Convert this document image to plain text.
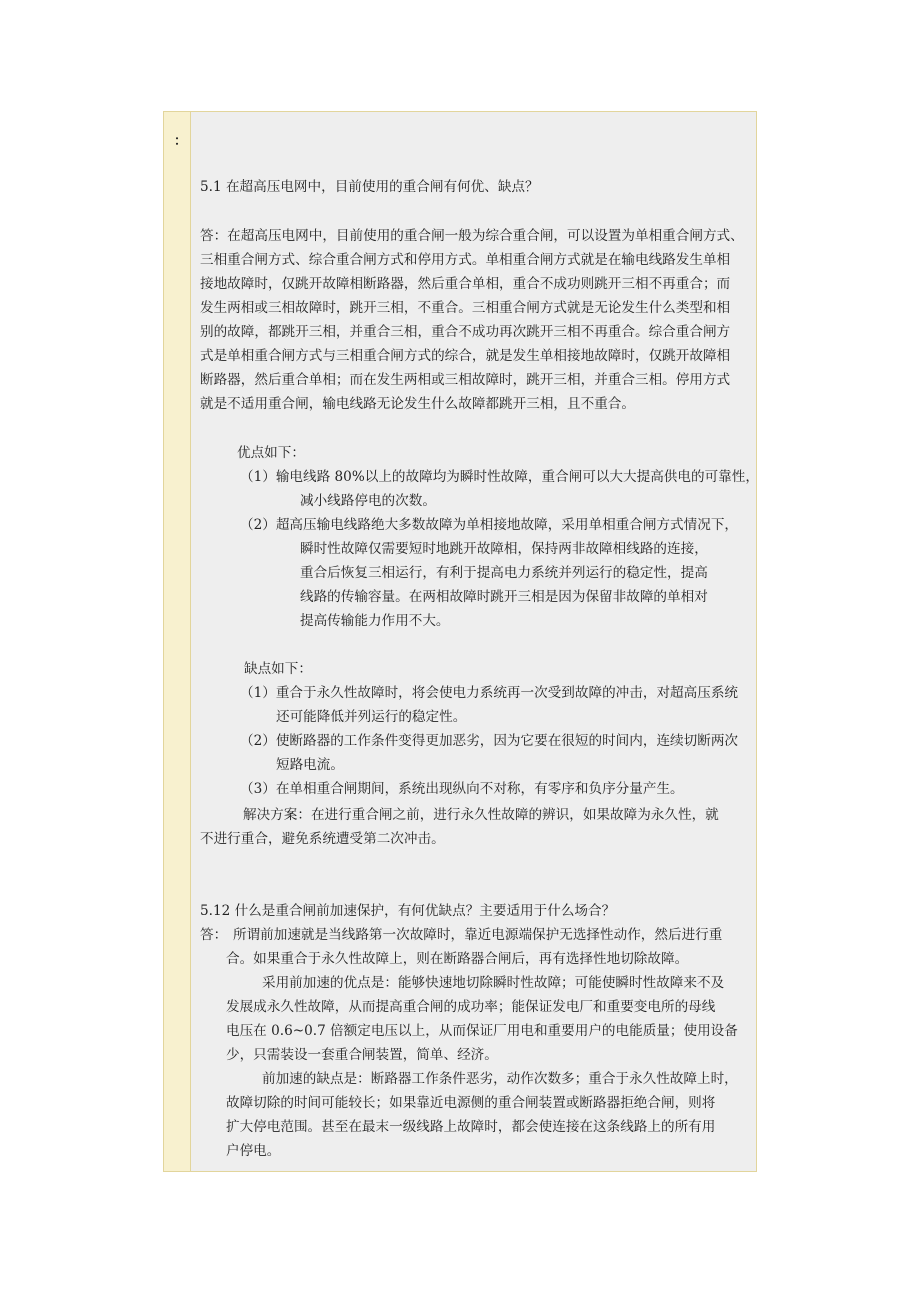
：
5.1 在超高压电网中，目前使用的重合闸有何优、缺点？
答：在超高压电网中，目前使用的重合闸一般为综合重合闸，可以设置为单相重合闸方式、
三相重合闸方式、综合重合闸方式和停用方式。单相重合闸方式就是在输电线路发生单相
接地故障时，仅跳开故障相断路器，然后重合单相，重合不成功则跳开三相不再重合；而
发生两相或三相故障时，跳开三相，不重合。三相重合闸方式就是无论发生什么类型和相
别的故障，都跳开三相，并重合三相，重合不成功再次跳开三相不再重合。综合重合闸方
式是单相重合闸方式与三相重合闸方式的综合，就是发生单相接地故障时，仅跳开故障相
断路器，然后重合单相；而在发生两相或三相故障时，跳开三相，并重合三相。停用方式
就是不适用重合闸，输电线路无论发生什么故障都跳开三相，且不重合。
优点如下：
（1）输电线路 80%以上的故障均为瞬时性故障，重合闸可以大大提高供电的可靠性，
减小线路停电的次数。
（2）超高压输电线路绝大多数故障为单相接地故障，采用单相重合闸方式情况下，
瞬时性故障仅需要短时地跳开故障相，保持两非故障相线路的连接，
重合后恢复三相运行，有利于提高电力系统并列运行的稳定性，提高
线路的传输容量。在两相故障时跳开三相是因为保留非故障的单相对
提高传输能力作用不大。
缺点如下：
（1）重合于永久性故障时，将会使电力系统再一次受到故障的冲击，对超高压系统
还可能降低并列运行的稳定性。
（2）使断路器的工作条件变得更加恶劣，因为它要在很短的时间内，连续切断两次
短路电流。
（3）在单相重合闸期间，系统出现纵向不对称，有零序和负序分量产生。
解决方案：在进行重合闸之前，进行永久性故障的辨识，如果故障为永久性，就
不进行重合，避免系统遭受第二次冲击。
5.12 什么是重合闸前加速保护，有何优缺点？主要适用于什么场合？
答： 所谓前加速就是当线路第一次故障时，靠近电源端保护无选择性动作，然后进行重
合。如果重合于永久性故障上，则在断路器合闸后，再有选择性地切除故障。
采用前加速的优点是：能够快速地切除瞬时性故障；可能使瞬时性故障来不及
发展成永久性故障，从而提高重合闸的成功率；能保证发电厂和重要变电所的母线
电压在 0.6~0.7 倍额定电压以上，从而保证厂用电和重要用户的电能质量；使用设备
少，只需装设一套重合闸装置，简单、经济。
前加速的缺点是：断路器工作条件恶劣，动作次数多；重合于永久性故障上时，
故障切除的时间可能较长；如果靠近电源侧的重合闸装置或断路器拒绝合闸，则将
扩大停电范围。甚至在最末一级线路上故障时，都会使连接在这条线路上的所有用
户停电。
